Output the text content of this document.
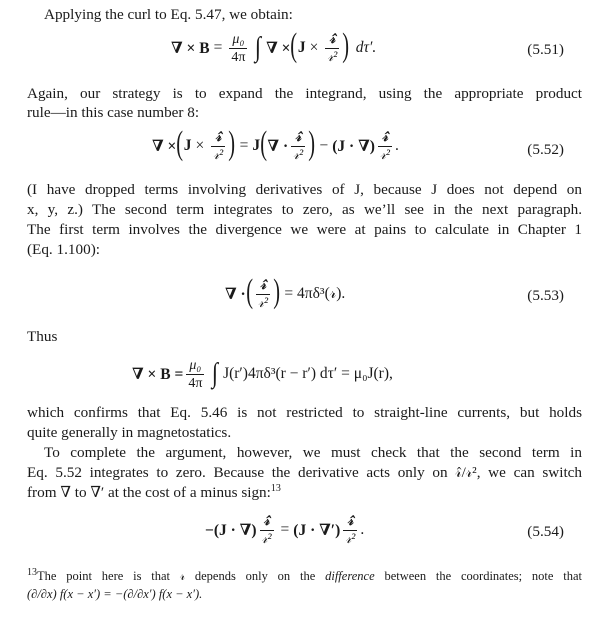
Applying the curl to Eq. 5.47, we obtain:
∇ × $B = \frac{\text{μ₀}}{4\pi}$ ∫ ∇ × ( $J \times \frac{\text{𝓇̂}}{\text{𝓇²}}$ ) dτ′.	(5.51)
Again, our strategy is to expand the integrand, using the appropriate product
rule—in this case number 8:
∇ × ( $J \times \frac{\text{𝓇̂}}{\text{𝓇²}}$ ) = J ( ∇ · $\frac{\text{𝓇̂}}{\text{𝓇²}}$ ) − (J · ∇) $\frac{\text{𝓇̂}}{\text{𝓇²}}$ .	(5.52)
(I have dropped terms involving derivatives of J, because J does not depend on
x, y, z.) The second term integrates to zero, as we’ll see in the next paragraph.
The first term involves the divergence we were at pains to calculate in Chapter 1
(Eq. 1.100):
∇ · ( $\frac{\text{𝓇̂}}{\text{𝓇²}}$ ) = 4πδ³(𝓇).	(5.53)
Thus
∇ × $B = \frac{\text{μ₀}}{4\pi}$ ∫ J(r′)4πδ³(r − r′) dτ′ = μ₀J(r),
which confirms that Eq. 5.46 is not restricted to straight-line currents, but holds
quite generally in magnetostatics.
To complete the argument, however, we must check that the second term in
Eq. 5.52 integrates to zero. Because the derivative acts only on 𝓇̂/𝓇², we can switch
from ∇ to ∇′ at the cost of a minus sign:$^{13}$
−(J · ∇) $\frac{\text{𝓇̂}}{\text{𝓇²}} = (J$ · ∇′) $\frac{\text{𝓇̂}}{\text{𝓇²}}$ .	(5.54)
$^{13}$The point here is that 𝓇 depends only on the difference between the coordinates; note that
(∂/∂x) f(x − x′) = −(∂/∂x′) f(x − x′).
